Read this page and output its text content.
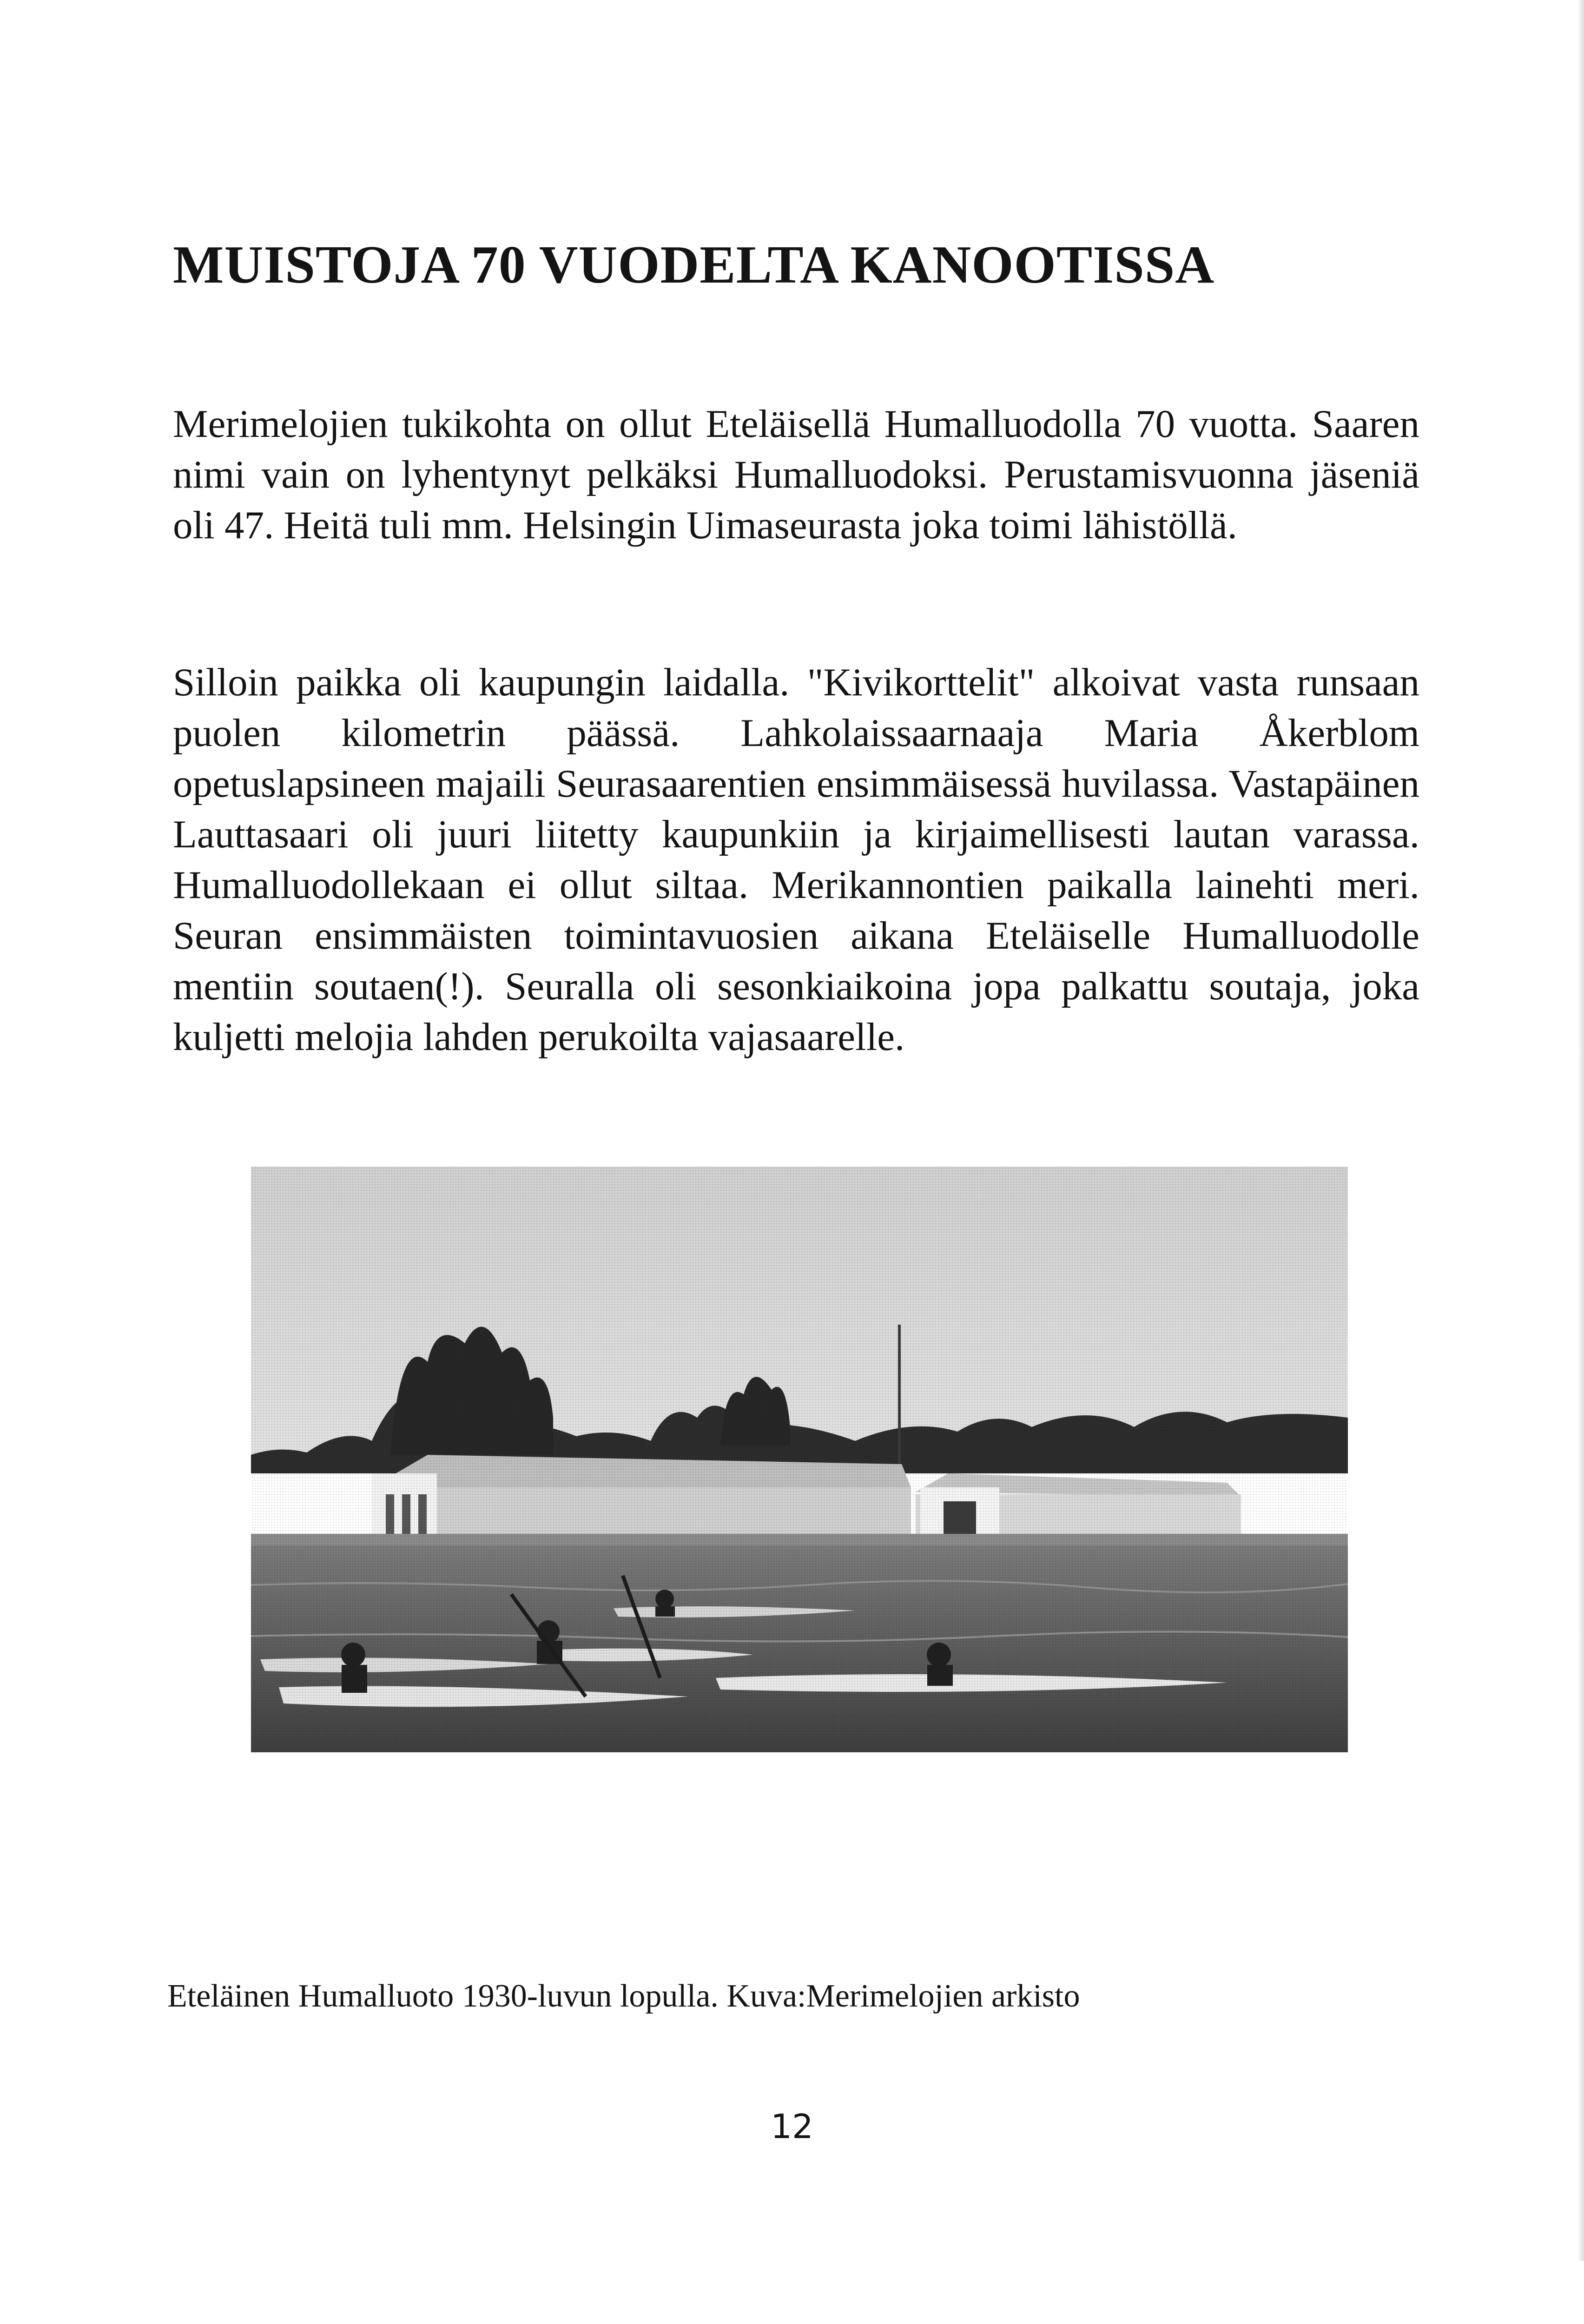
MUISTOJA 70 VUODELTA KANOOTISSA

Merimelojien tukikohta on ollut Eteläisellä Humalluodolla 70 vuotta. Saaren nimi vain on lyhentynyt pelkäksi Humalluodoksi. Perustamisvuonna jäseniä oli 47. Heitä tuli mm. Helsingin Uimaseurasta joka toimi lähistöllä.

Silloin paikka oli kaupungin laidalla. "Kivikorttelit" alkoivat vasta runsaan puolen kilometrin päässä. Lahkolaissaarnaaja Maria Åkerblom opetuslapsineen majaili Seurasaarentien ensimmäisessä huvilassa. Vastapäinen Lauttasaari oli juuri liitetty kaupunkiin ja kirjaimellisesti lautan varassa. Humalluodollekaan ei ollut siltaa. Merikannontien paikalla lainehti meri. Seuran ensimmäisten toimintavuosien aikana Eteläiselle Humalluodolle mentiin soutaen(!). Seuralla oli sesonkiaikoina jopa palkattu soutaja, joka kuljetti melojia lahden perukoilta vajasaarelle.

Eteläinen Humalluoto 1930-luvun lopulla. Kuva:Merimelojien arkisto

12
